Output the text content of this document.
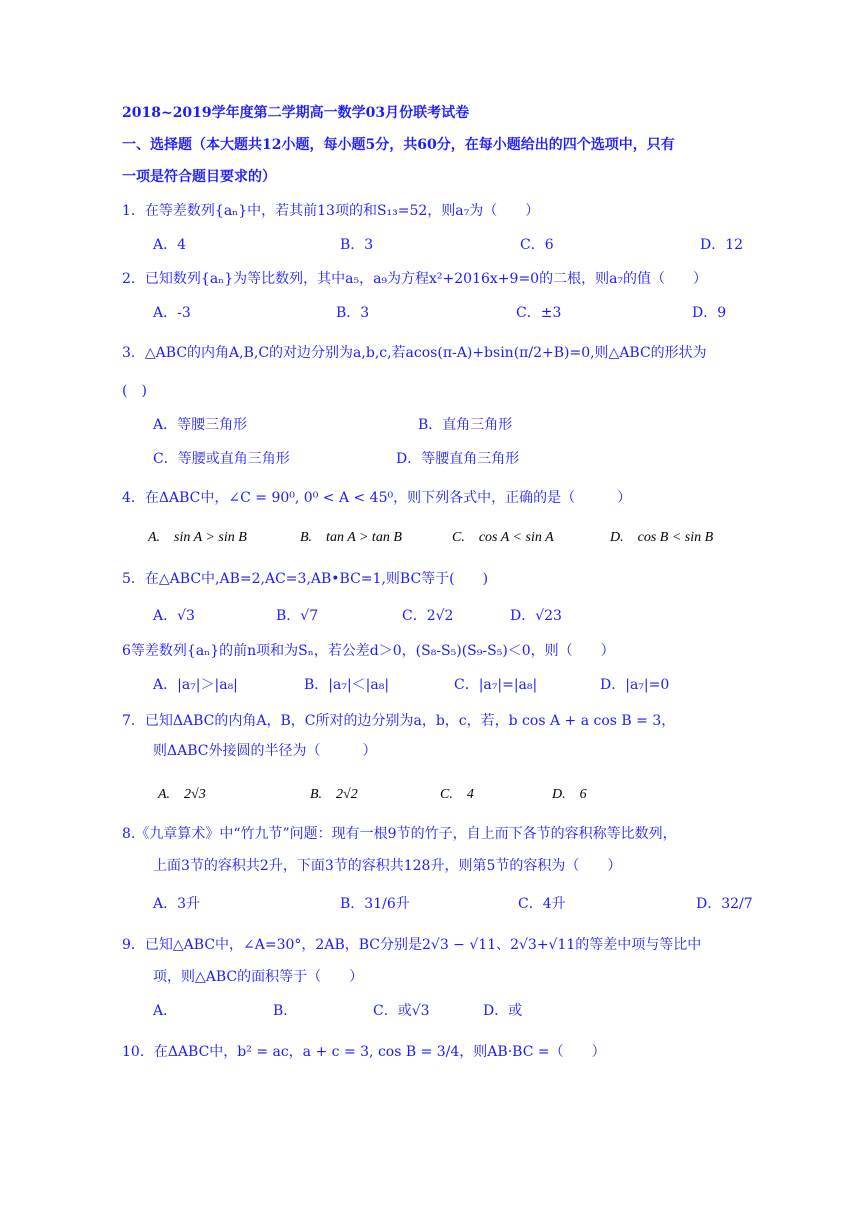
2018~2019学年度第二学期高一数学03月份联考试卷
一、选择题（本大题共12小题，每小题5分，共60分，在每小题给出的四个选项中，只有
一项是符合题目要求的）
1．在等差数列{aₙ}中，若其前13项的和S₁₃=52，则a₇为（　　）
A．4	B．3	C．6	D．12
2．已知数列{aₙ}为等比数列，其中a₅，a₉为方程x²+2016x+9=0的二根，则a₇的值（　　）
A．-3	B．3	C．±3	D．9
3．△ABC的内角A,B,C的对边分别为a,b,c,若acos(π-A)+bsin(π/2+B)=0,则△ABC的形状为
(　)
A．等腰三角形	B．直角三角形
C．等腰或直角三角形	D．等腰直角三角形
4．在ΔABC中，∠C = 90⁰, 0⁰ < A < 45⁰，则下列各式中，正确的是（　　　）
A.　sin A > sin B	B.　tan A > tan B	C.　cos A < sin A	D.　cos B < sin B
5．在△ABC中,AB=2,AC=3,AB•BC=1,则BC等于(　　)
A．√3	B．√7	C．2√2	D．√23
6等差数列{aₙ}的前n项和为Sₙ，若公差d＞0，(S₈-S₅)(S₉-S₅)＜0，则（　　）
A．|a₇|＞|a₈|	B．|a₇|＜|a₈|	C．|a₇|=|a₈|	D．|a₇|=0
7．已知ΔABC的内角A，B，C所对的边分别为a，b，c，若，b cos A + a cos B = 3，
则ΔABC外接圆的半径为（　　　）
A.　2√3	B.　2√2	C.　4	D.　6
8.《九章算术》中“竹九节”问题：现有一根9节的竹子，自上而下各节的容积称等比数列，
上面3节的容积共2升，下面3节的容积共128升，则第5节的容积为（　　）
A．3升	B．31/6升	C．4升	D．32/7
9．已知△ABC中，∠A=30°，2AB，BC分别是2√3 − √11、2√3+√11的等差中项与等比中
项，则△ABC的面积等于（　　）
A．	B．	C．或√3	D．或
10．在ΔABC中，b² = ac，a + c = 3, cos B = 3/4，则AB·BC =（　　）
